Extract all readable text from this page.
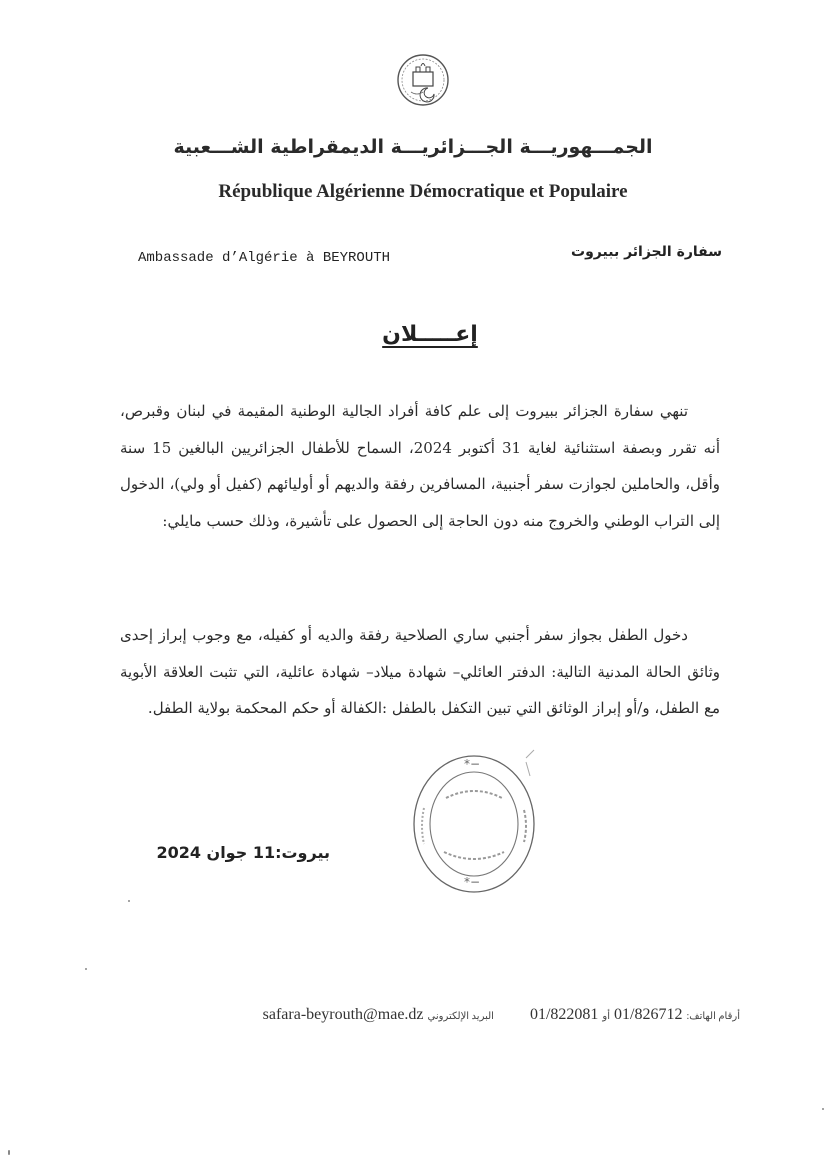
الجمـــهوريـــة الجـــزائريـــة الديمقراطية الشـــعبية
République Algérienne Démocratique et Populaire
Ambassade d’Algérie à BEYROUTH	سفارة الجزائر ببيروت
إعـــــلان
تنهي سفارة الجزائر ببيروت إلى علم كافة أفراد الجالية الوطنية المقيمة في لبنان وقبرص، أنه تقرر وبصفة استثنائية لغاية 31 أكتوبر 2024، السماح للأطفال الجزائريين البالغين 15 سنة وأقل، والحاملين لجوازت سفر أجنبية، المسافرين رفقة والديهم أو أوليائهم (كفيل أو ولي)، الدخول إلى التراب الوطني والخروج منه دون الحاجة إلى الحصول على تأشيرة، وذلك حسب مايلي:
دخول الطفل بجواز سفر أجنبي ساري الصلاحية رفقة والديه أو كفيله، مع وجوب إبراز إحدى وثائق الحالة المدنية التالية: الدفتر العائلي– شهادة ميلاد– شهادة عائلية، التي تثبت العلاقة الأبوية مع الطفل، و/أو إبراز الوثائق التي تبين التكفل بالطفل :الكفالة أو حكم المحكمة بولاية الطفل.
*−
*−
بيروت:11 جوان 2024
أرقام الهاتف: 01/826712 أو 01/822081  البريد الإلكتروني safara-beyrouth@mae.dz
